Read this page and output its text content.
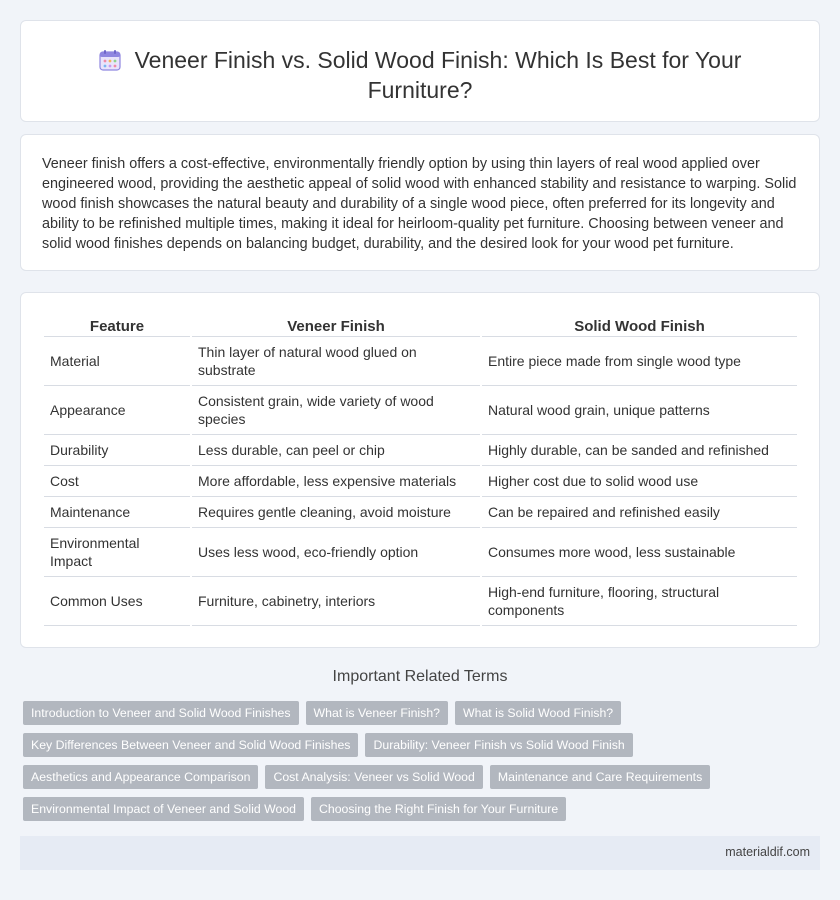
Veneer Finish vs. Solid Wood Finish: Which Is Best for Your Furniture?

Veneer finish offers a cost-effective, environmentally friendly option by using thin layers of real wood applied over engineered wood, providing the aesthetic appeal of solid wood with enhanced stability and resistance to warping. Solid wood finish showcases the natural beauty and durability of a single wood piece, often preferred for its longevity and ability to be refinished multiple times, making it ideal for heirloom-quality pet furniture. Choosing between veneer and solid wood finishes depends on balancing budget, durability, and the desired look for your wood pet furniture.

Feature	Veneer Finish	Solid Wood Finish
Material	Thin layer of natural wood glued on substrate	Entire piece made from single wood type
Appearance	Consistent grain, wide variety of wood species	Natural wood grain, unique patterns
Durability	Less durable, can peel or chip	Highly durable, can be sanded and refinished
Cost	More affordable, less expensive materials	Higher cost due to solid wood use
Maintenance	Requires gentle cleaning, avoid moisture	Can be repaired and refinished easily
Environmental Impact	Uses less wood, eco-friendly option	Consumes more wood, less sustainable
Common Uses	Furniture, cabinetry, interiors	High-end furniture, flooring, structural components
Important Related Terms
Introduction to Veneer and Solid Wood Finishes	What is Veneer Finish?	What is Solid Wood Finish?
Key Differences Between Veneer and Solid Wood Finishes	Durability: Veneer Finish vs Solid Wood Finish
Aesthetics and Appearance Comparison	Cost Analysis: Veneer vs Solid Wood	Maintenance and Care Requirements
Environmental Impact of Veneer and Solid Wood	Choosing the Right Finish for Your Furniture
materialdif.com
